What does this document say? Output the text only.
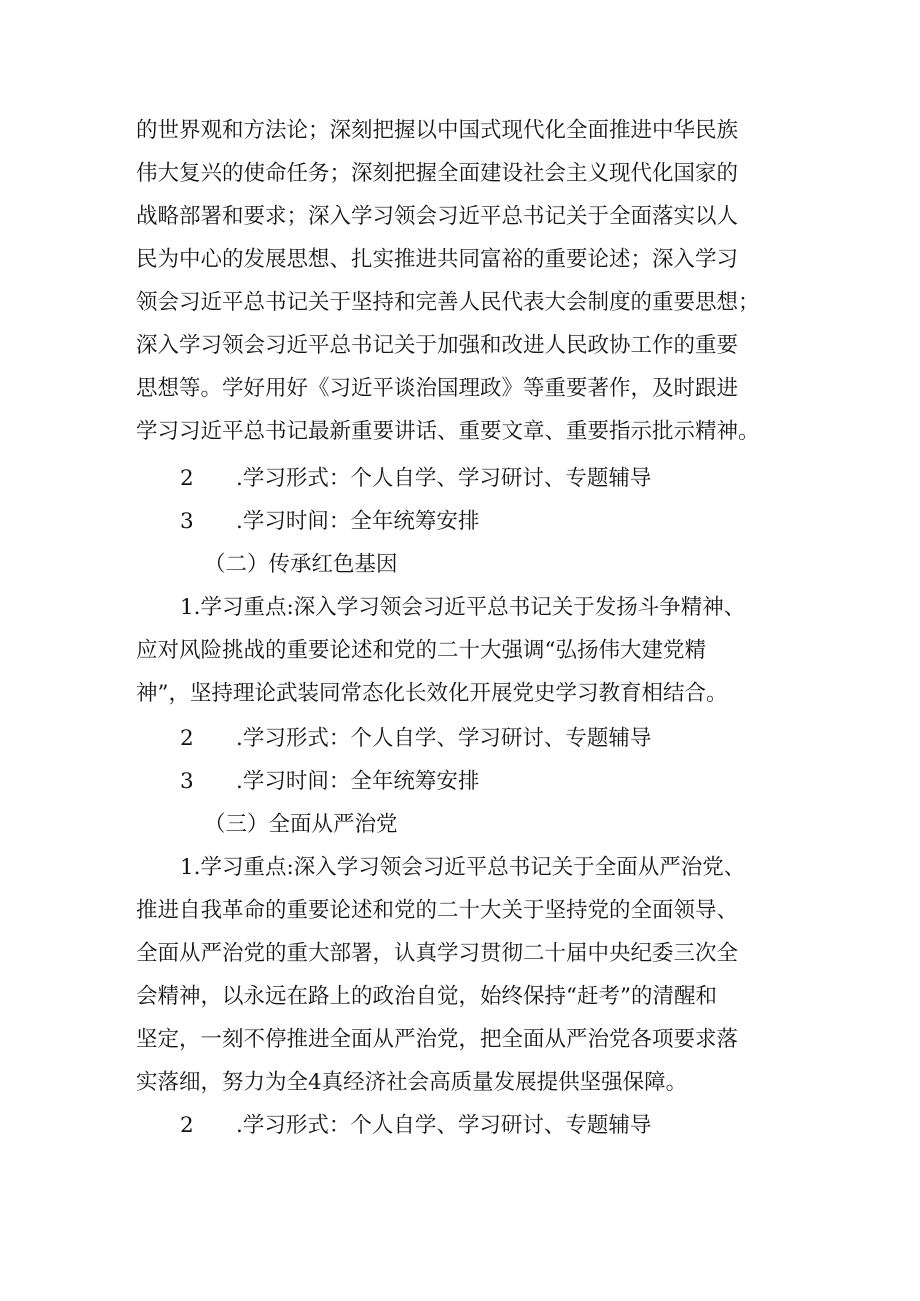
的世界观和方法论；深刻把握以中国式现代化全面推进中华民族
伟大复兴的使命任务；深刻把握全面建设社会主义现代化国家的
战略部署和要求；深入学习领会习近平总书记关于全面落实以人
民为中心的发展思想、扎实推进共同富裕的重要论述；深入学习
领会习近平总书记关于坚持和完善人民代表大会制度的重要思想；
深入学习领会习近平总书记关于加强和改进人民政协工作的重要
思想等。学好用好《习近平谈治国理政》等重要著作，及时跟进
学习习近平总书记最新重要讲话、重要文章、重要指示批示精神。
2 .学习形式：个人自学、学习研讨、专题辅导
3 .学习时间：全年统筹安排
（二）传承红色基因
1.学习重点:深入学习领会习近平总书记关于发扬斗争精神、
应对风险挑战的重要论述和党的二十大强调“弘扬伟大建党精
神”，坚持理论武装同常态化长效化开展党史学习教育相结合。
2 .学习形式：个人自学、学习研讨、专题辅导
3 .学习时间：全年统筹安排
（三）全面从严治党
1.学习重点:深入学习领会习近平总书记关于全面从严治党、
推进自我革命的重要论述和党的二十大关于坚持党的全面领导、
全面从严治党的重大部署，认真学习贯彻二十届中央纪委三次全
会精神，以永远在路上的政治自觉，始终保持“赶考”的清醒和
坚定，一刻不停推进全面从严治党，把全面从严治党各项要求落
实落细，努力为全4真经济社会高质量发展提供坚强保障。
2 .学习形式：个人自学、学习研讨、专题辅导
